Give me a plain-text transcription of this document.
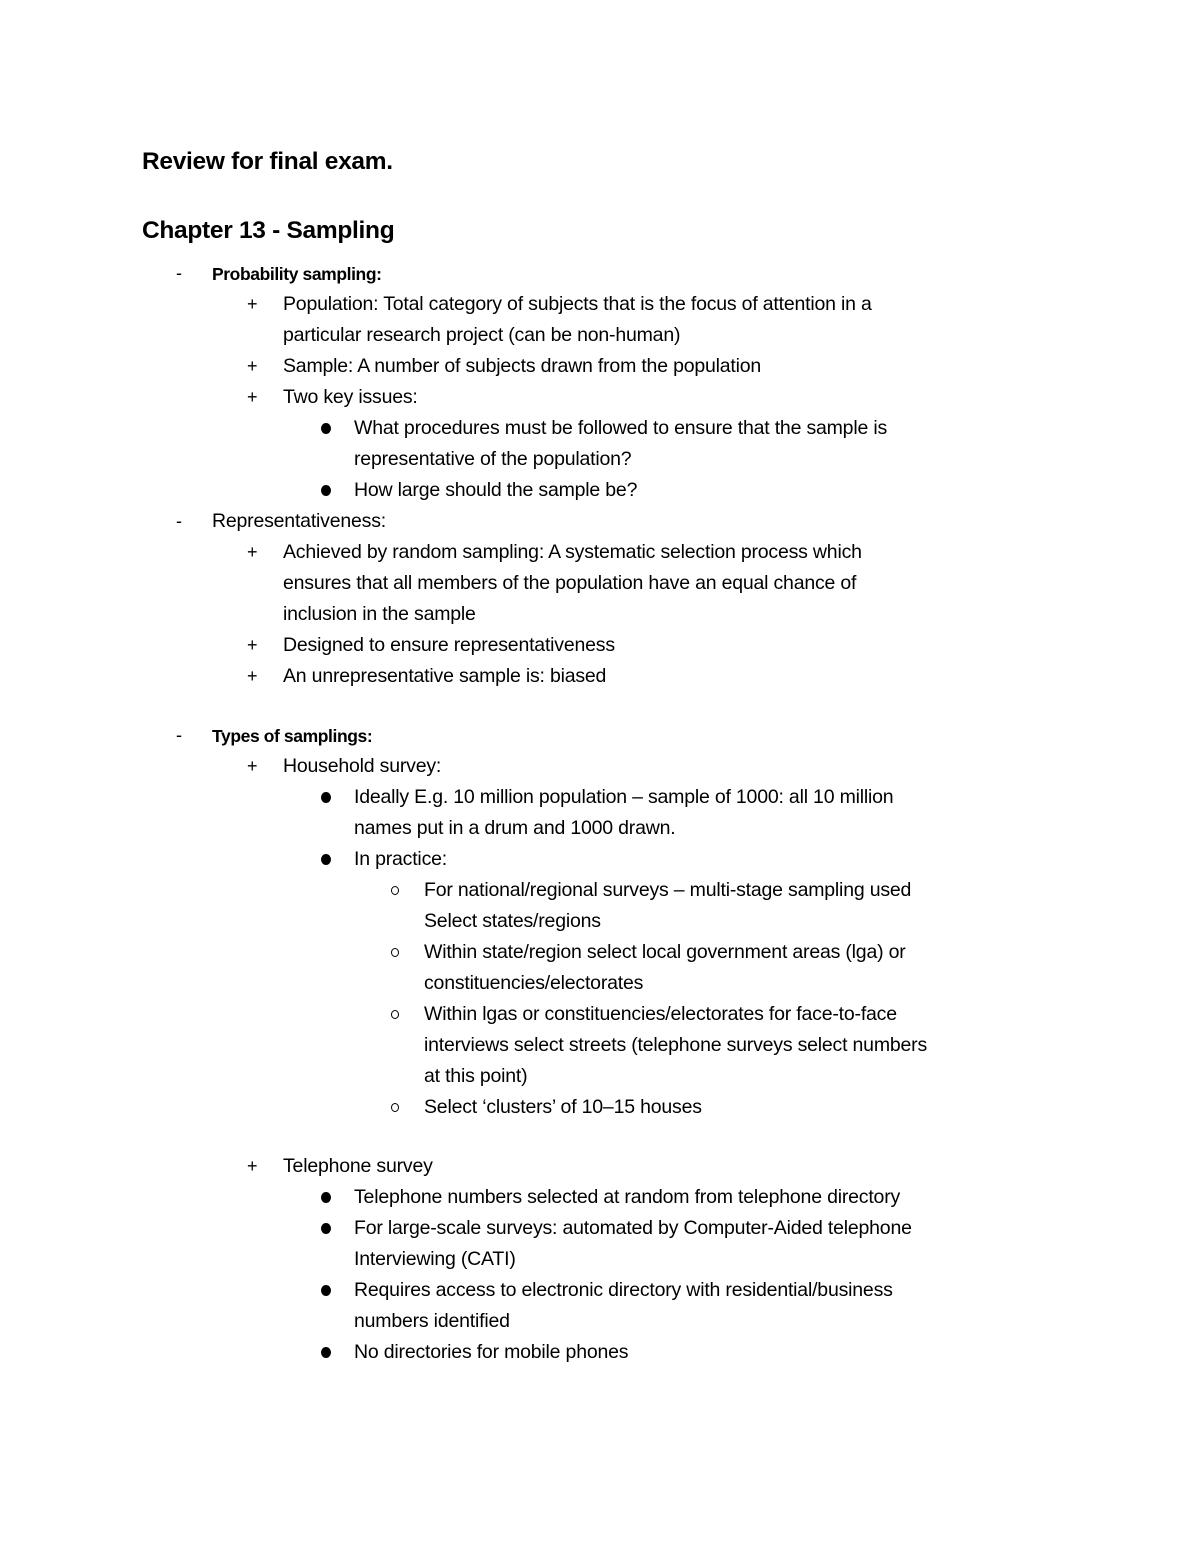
Review for final exam.
Chapter 13 - Sampling
- Probability sampling:
+ Population: Total category of subjects that is the focus of attention in a
particular research project (can be non-human)
+ Sample: A number of subjects drawn from the population
+ Two key issues:
What procedures must be followed to ensure that the sample is
representative of the population?
How large should the sample be?
- Representativeness:
+ Achieved by random sampling: A systematic selection process which
ensures that all members of the population have an equal chance of
inclusion in the sample
+ Designed to ensure representativeness
+ An unrepresentative sample is: biased
- Types of samplings:
+ Household survey:
Ideally E.g. 10 million population – sample of 1000: all 10 million
names put in a drum and 1000 drawn.
In practice:
For national/regional surveys – multi-stage sampling used
Select states/regions
Within state/region select local government areas (lga) or
constituencies/electorates
Within lgas or constituencies/electorates for face-to-face
interviews select streets (telephone surveys select numbers
at this point)
Select ‘clusters’ of 10–15 houses
+ Telephone survey
Telephone numbers selected at random from telephone directory
For large-scale surveys: automated by Computer-Aided telephone
Interviewing (CATI)
Requires access to electronic directory with residential/business
numbers identified
No directories for mobile phones
